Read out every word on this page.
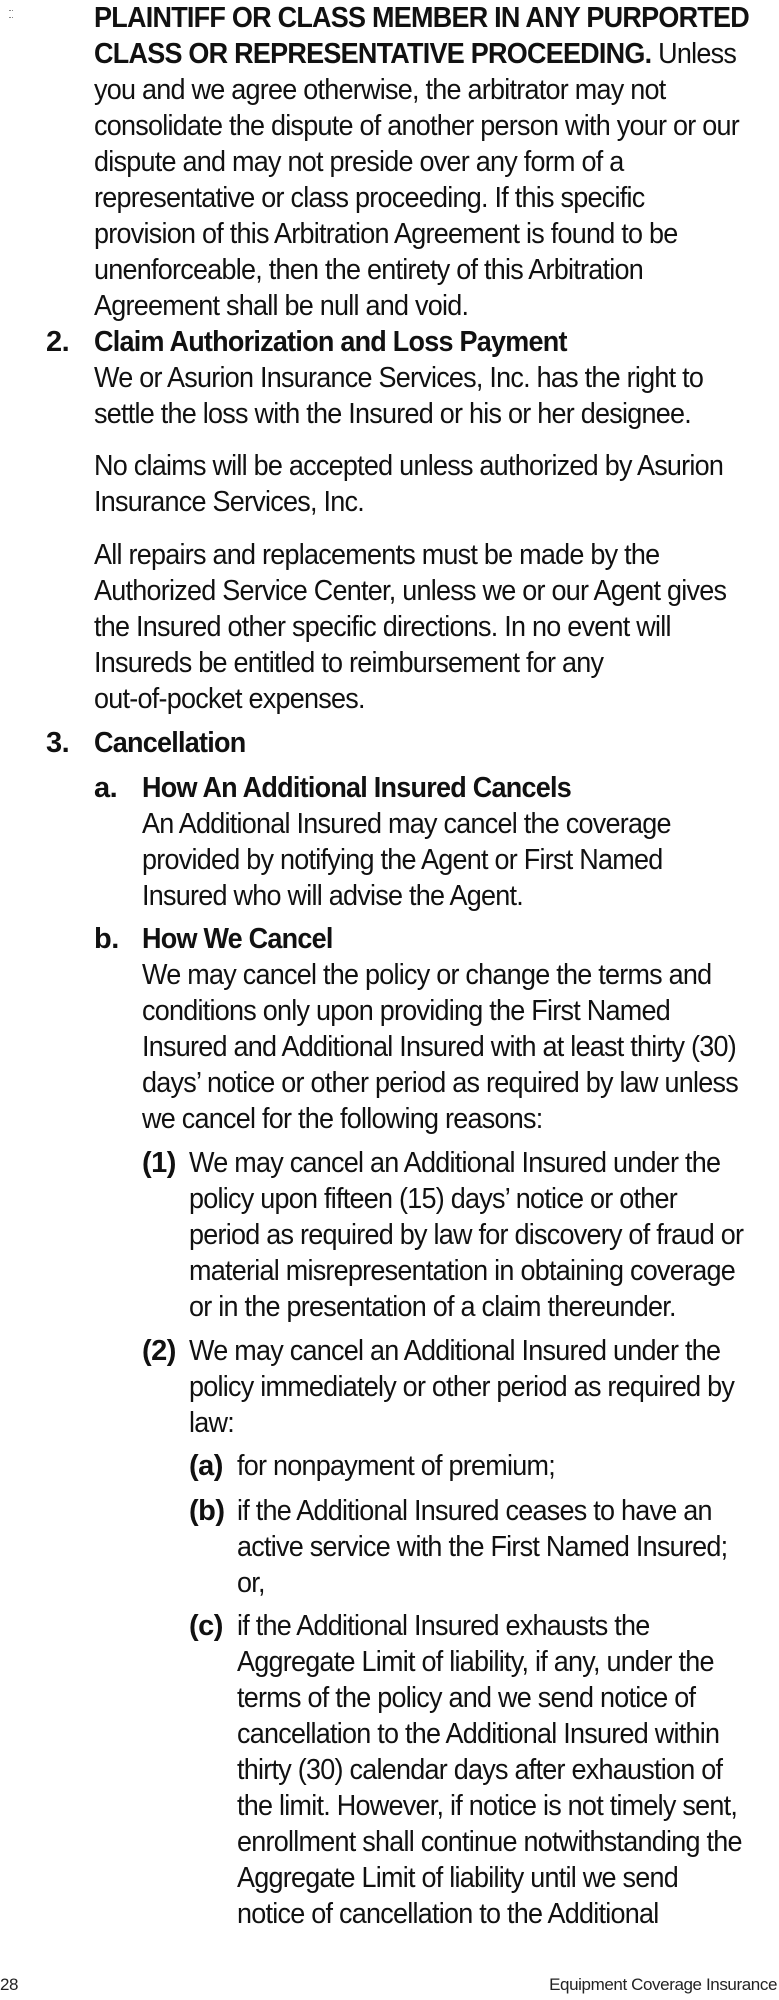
PLAINTIFF OR CLASS MEMBER IN ANY PURPORTED
CLASS OR REPRESENTATIVE PROCEEDING. Unless
you and we agree otherwise, the arbitrator may not
consolidate the dispute of another person with your or our
dispute and may not preside over any form of a
representative or class proceeding. If this specific
provision of this Arbitration Agreement is found to be
unenforceable, then the entirety of this Arbitration
Agreement shall be null and void.
2. Claim Authorization and Loss Payment
We or Asurion Insurance Services, Inc. has the right to
settle the loss with the Insured or his or her designee.
No claims will be accepted unless authorized by Asurion
Insurance Services, Inc.
All repairs and replacements must be made by the
Authorized Service Center, unless we or our Agent gives
the Insured other specific directions. In no event will
Insureds be entitled to reimbursement for any
out-of-pocket expenses.
3. Cancellation
a. How An Additional Insured Cancels
An Additional Insured may cancel the coverage
provided by notifying the Agent or First Named
Insured who will advise the Agent.
b. How We Cancel
We may cancel the policy or change the terms and
conditions only upon providing the First Named
Insured and Additional Insured with at least thirty (30)
days’ notice or other period as required by law unless
we cancel for the following reasons:
(1) We may cancel an Additional Insured under the
policy upon fifteen (15) days’ notice or other
period as required by law for discovery of fraud or
material misrepresentation in obtaining coverage
or in the presentation of a claim thereunder.
(2) We may cancel an Additional Insured under the
policy immediately or other period as required by
law:
(a) for nonpayment of premium;
(b) if the Additional Insured ceases to have an
active service with the First Named Insured;
or,
(c) if the Additional Insured exhausts the
Aggregate Limit of liability, if any, under the
terms of the policy and we send notice of
cancellation to the Additional Insured within
thirty (30) calendar days after exhaustion of
the limit. However, if notice is not timely sent,
enrollment shall continue notwithstanding the
Aggregate Limit of liability until we send
notice of cancellation to the Additional
28	Equipment Coverage Insurance
